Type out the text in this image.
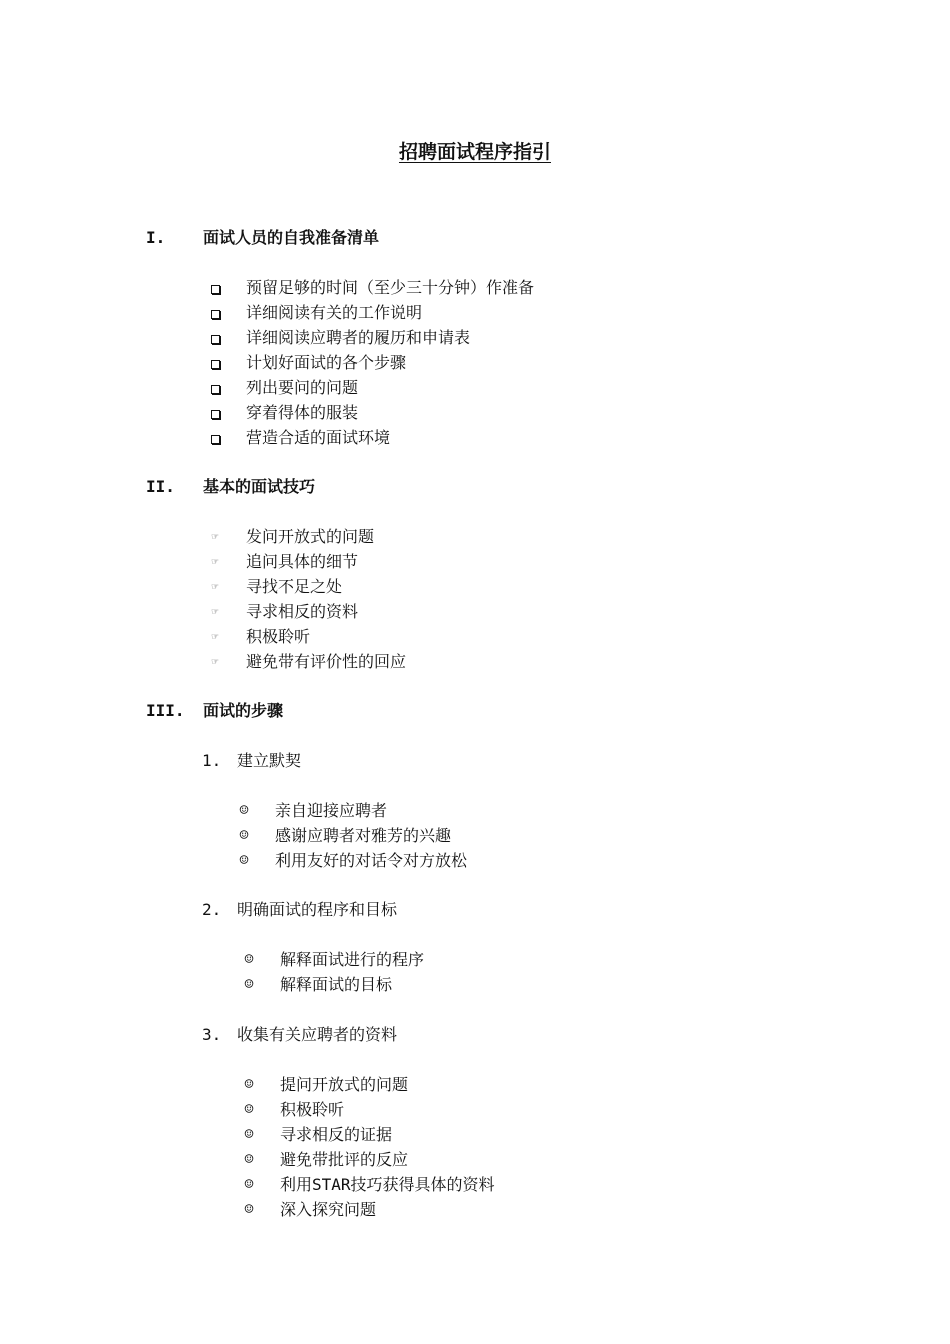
招聘面试程序指引
I. 面试人员的自我准备清单
预留足够的时间（至少三十分钟）作准备
详细阅读有关的工作说明
详细阅读应聘者的履历和申请表
计划好面试的各个步骤
列出要问的问题
穿着得体的服装
营造合适的面试环境
II. 基本的面试技巧
☞ 发问开放式的问题
☞ 追问具体的细节
☞ 寻找不足之处
☞ 寻求相反的资料
☞ 积极聆听
☞ 避免带有评价性的回应
III. 面试的步骤
1. 建立默契
☺ 亲自迎接应聘者
☺ 感谢应聘者对雅芳的兴趣
☺ 利用友好的对话令对方放松
2. 明确面试的程序和目标
☺ 解释面试进行的程序
☺ 解释面试的目标
3. 收集有关应聘者的资料
☺ 提问开放式的问题
☺ 积极聆听
☺ 寻求相反的证据
☺ 避免带批评的反应
☺ 利用STAR技巧获得具体的资料
☺ 深入探究问题
